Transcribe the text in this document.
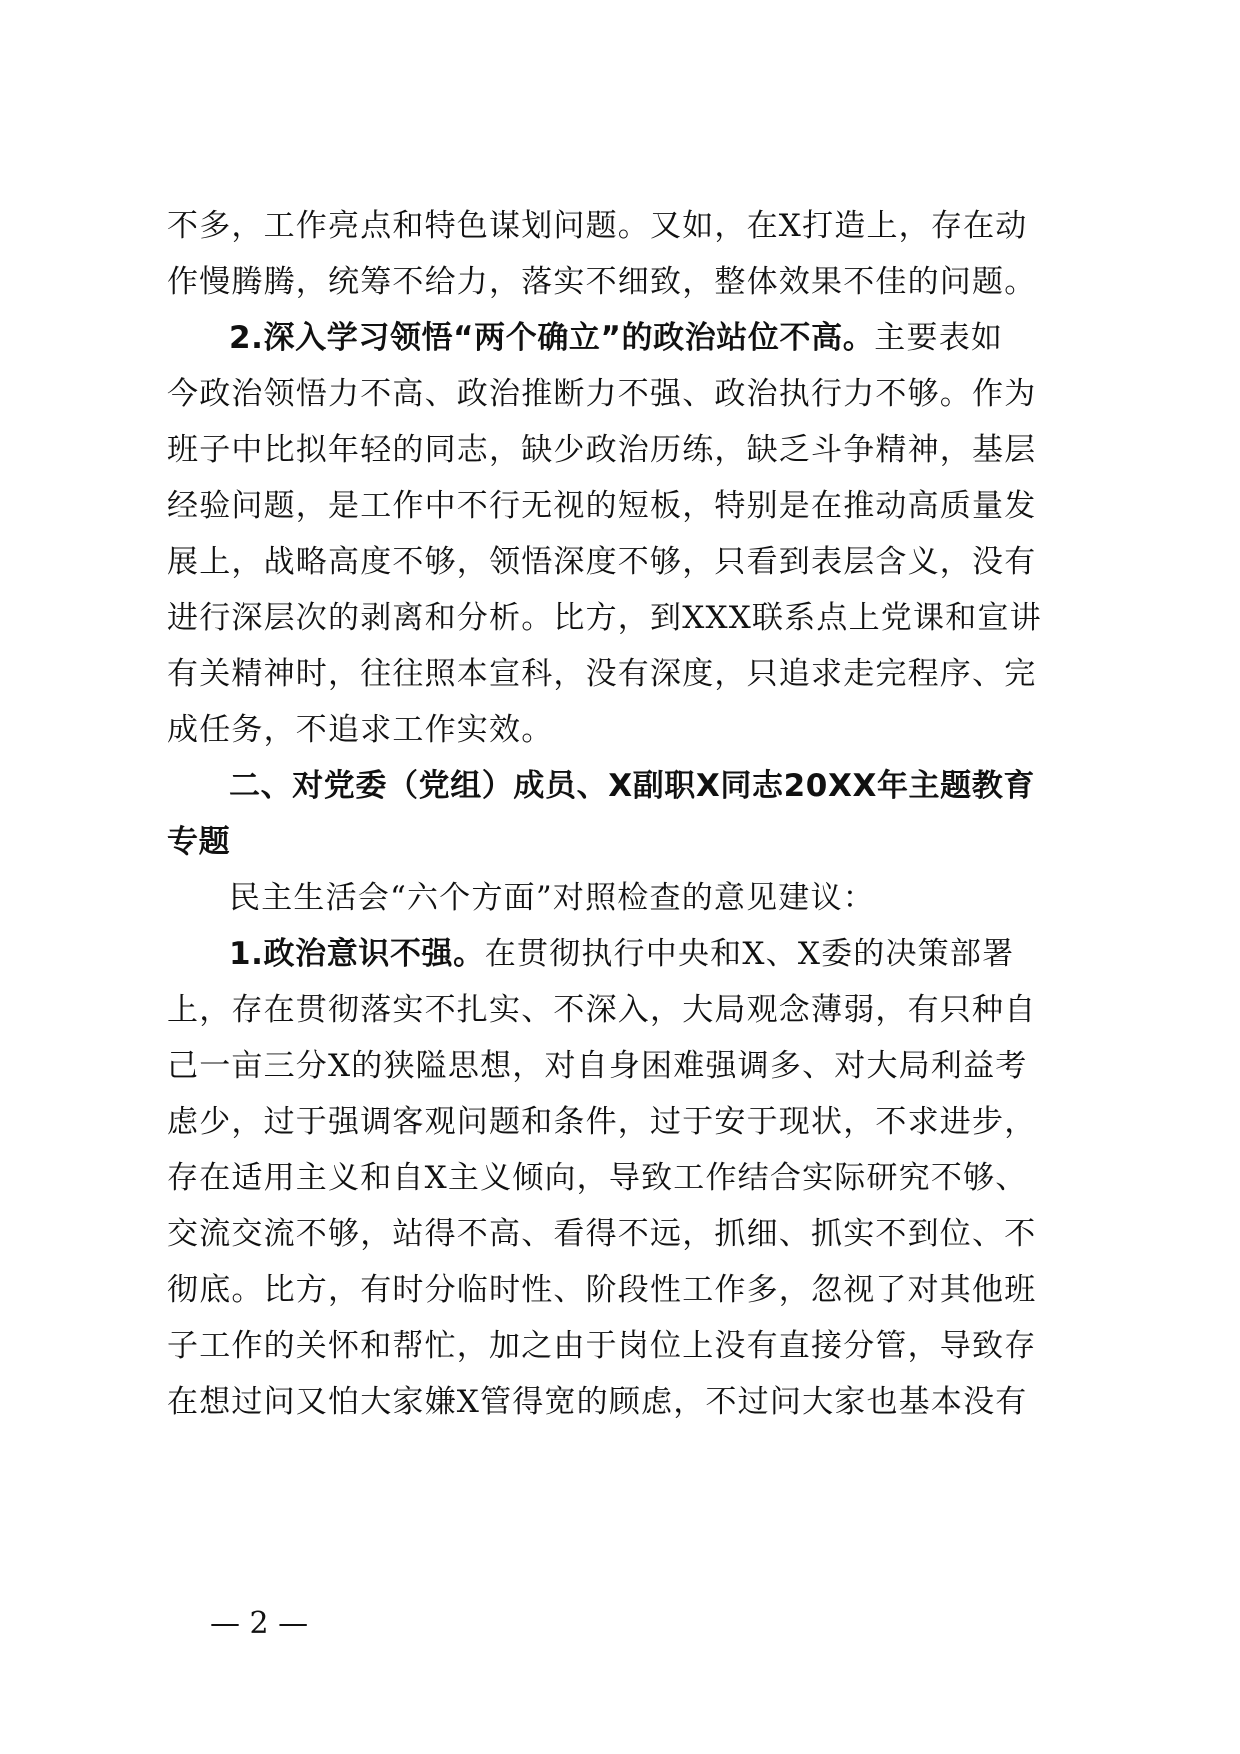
不多，工作亮点和特色谋划问题。又如，在X打造上，存在动
作慢腾腾，统筹不给力，落实不细致，整体效果不佳的问题。
2.深入学习领悟“两个确立”的政治站位不高。主要表如
今政治领悟力不高、政治推断力不强、政治执行力不够。作为
班子中比拟年轻的同志，缺少政治历练，缺乏斗争精神，基层
经验问题，是工作中不行无视的短板，特别是在推动高质量发
展上，战略高度不够，领悟深度不够，只看到表层含义，没有
进行深层次的剥离和分析。比方，到XXX联系点上党课和宣讲
有关精神时，往往照本宣科，没有深度，只追求走完程序、完
成任务，不追求工作实效。
二、对党委（党组）成员、X副职X同志20XX年主题教育
专题
民主生活会“六个方面”对照检查的意见建议：
1.政治意识不强。在贯彻执行中央和X、X委的决策部署
上，存在贯彻落实不扎实、不深入，大局观念薄弱，有只种自
己一亩三分X的狭隘思想，对自身困难强调多、对大局利益考
虑少，过于强调客观问题和条件，过于安于现状，不求进步，
存在适用主义和自X主义倾向，导致工作结合实际研究不够、
交流交流不够，站得不高、看得不远，抓细、抓实不到位、不
彻底。比方，有时分临时性、阶段性工作多，忽视了对其他班
子工作的关怀和帮忙，加之由于岗位上没有直接分管，导致存
在想过问又怕大家嫌X管得宽的顾虑，不过问大家也基本没有
— 2 —
